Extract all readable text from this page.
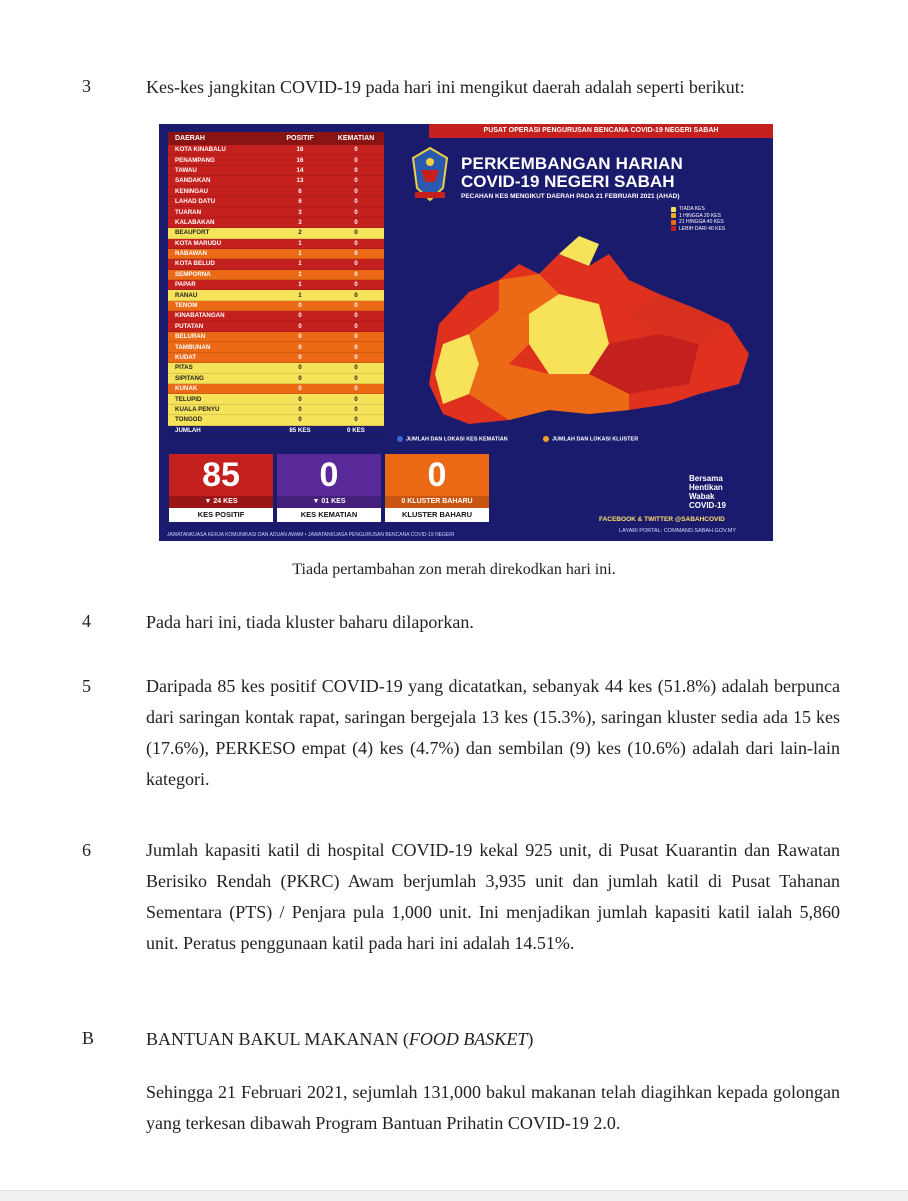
3	Kes-kes jangkitan COVID-19 pada hari ini mengikut daerah adalah seperti berikut:
DAERAH	POSITIF	KEMATIAN
KOTA KINABALU	16	0
PENAMPANG	16	0
TAWAU	14	0
SANDAKAN	13	0
KENINGAU	6	0
LAHAD DATU	6	0
TUARAN	3	0
KALABAKAN	3	0
BEAUFORT	2	0
KOTA MARUDU	1	0
NABAWAN	1	0
KOTA BELUD	1	0
SEMPORNA	1	0
PAPAR	1	0
RANAU	1	0
TENOM	0	0
KINABATANGAN	0	0
PUTATAN	0	0
BELURAN	0	0
TAMBUNAN	0	0
KUDAT	0	0
PITAS	0	0
SIPITANG	0	0
KUNAK	0	0
TELUPID	0	0
KUALA PENYU	0	0
TONGOD	0	0
JUMLAH	85 KES	0 KES
85
▼ 24 KES
KES POSITIF
0
▼ 01 KES
KES KEMATIAN
0
0 KLUSTER BAHARU
KLUSTER BAHARU
PUSAT OPERASI PENGURUSAN BENCANA COVID-19 NEGERI SABAH
PERKEMBANGAN HARIAN
COVID-19 NEGERI SABAH
PECAHAN KES MENGIKUT DAERAH PADA 21 FEBRUARI 2021 (AHAD)
TIADA KES
1 HINGGA 20 KES
21 HINGGA 40 KES
LEBIH DARI 40 KES
JUMLAH DAN LOKASI KES KEMATIAN	JUMLAH DAN LOKASI KLUSTER
Bersama
Hentikan
Wabak
COVID-19
FACEBOOK & TWITTER @SABAHCOVID
LAYARI PORTAL: COMMAND.SABAH.GOV.MY
JAWATANKUASA KERJA KOMUNIKASI DAN ADUAN AWAM • JAWATANKUASA PENGURUSAN BENCANA COVID-19 NEGERI
Tiada pertambahan zon merah direkodkan hari ini.
4	Pada hari ini, tiada kluster baharu dilaporkan.
5	Daripada 85 kes positif COVID-19 yang dicatatkan, sebanyak 44 kes (51.8%) adalah berpunca dari saringan kontak rapat, saringan bergejala 13 kes (15.3%), saringan kluster sedia ada 15 kes (17.6%), PERKESO empat (4) kes (4.7%) dan sembilan (9) kes (10.6%) adalah dari lain-lain kategori.
6	Jumlah kapasiti katil di hospital COVID-19 kekal 925 unit, di Pusat Kuarantin dan Rawatan Berisiko Rendah (PKRC) Awam berjumlah 3,935 unit dan jumlah katil di Pusat Tahanan Sementara (PTS) / Penjara pula 1,000 unit. Ini menjadikan jumlah kapasiti katil ialah 5,860 unit. Peratus penggunaan katil pada hari ini adalah 14.51%.
B	BANTUAN BAKUL MAKANAN (FOOD BASKET)
Sehingga 21 Februari 2021, sejumlah 131,000 bakul makanan telah diagihkan kepada golongan yang terkesan dibawah Program Bantuan Prihatin COVID-19 2.0.
